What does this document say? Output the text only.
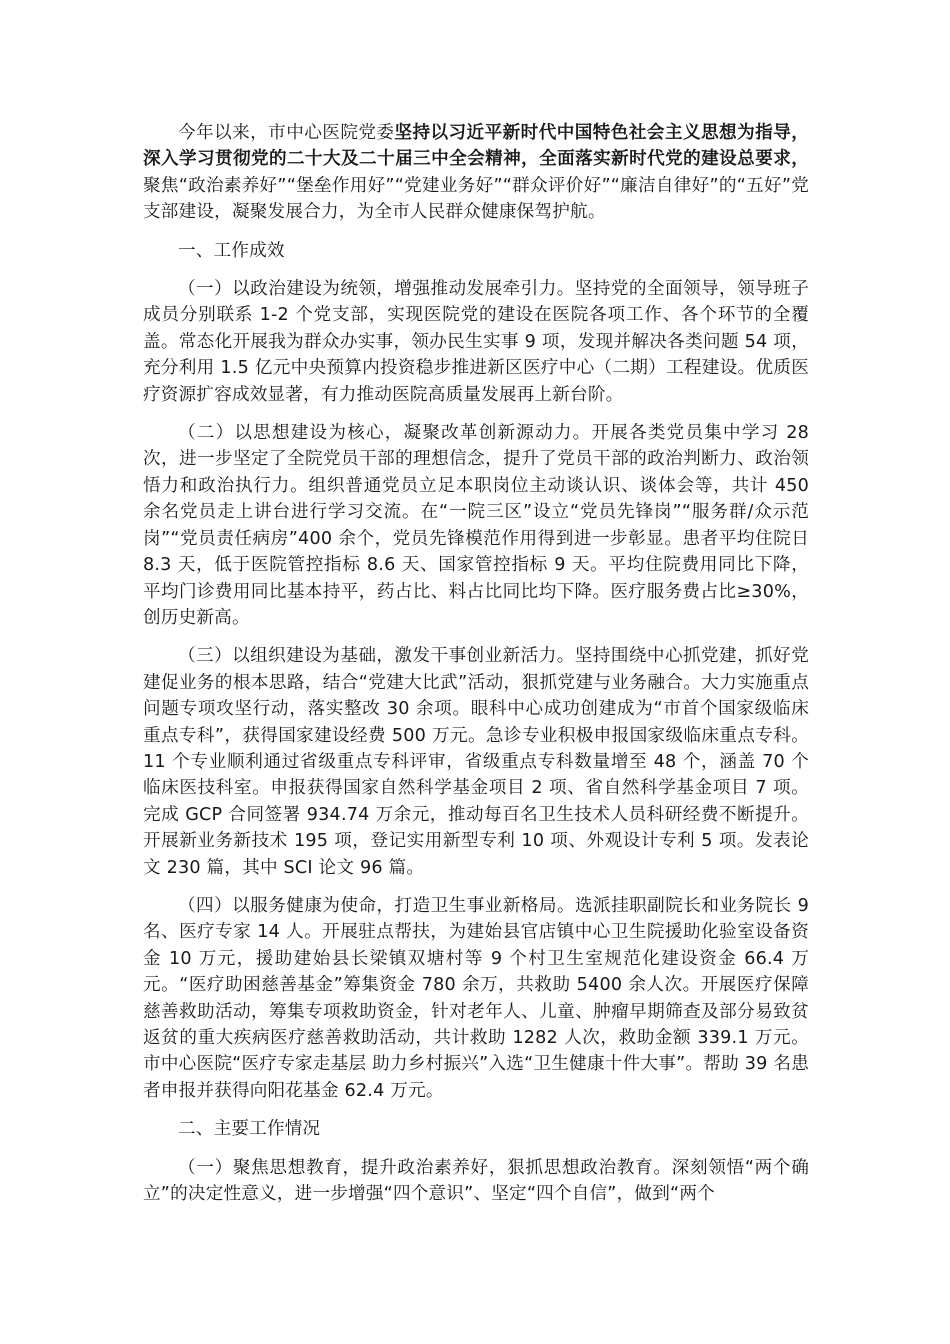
今年以来，市中心医院党委坚持以习近平新时代中国特色社会主义思想为指导，深入学习贯彻党的二十大及二十届三中全会精神，全面落实新时代党的建设总要求，聚焦“政治素养好”“堡垒作用好”“党建业务好”“群众评价好”“廉洁自律好”的“五好”党支部建设，凝聚发展合力，为全市人民群众健康保驾护航。

一、工作成效

（一）以政治建设为统领，增强推动发展牵引力。坚持党的全面领导，领导班子成员分别联系 1-2 个党支部，实现医院党的建设在医院各项工作、各个环节的全覆盖。常态化开展我为群众办实事，领办民生实事 9 项，发现并解决各类问题 54 项，充分利用 1.5 亿元中央预算内投资稳步推进新区医疗中心（二期）工程建设。优质医疗资源扩容成效显著，有力推动医院高质量发展再上新台阶。

（二）以思想建设为核心，凝聚改革创新源动力。开展各类党员集中学习 28 次，进一步坚定了全院党员干部的理想信念，提升了党员干部的政治判断力、政治领悟力和政治执行力。组织普通党员立足本职岗位主动谈认识、谈体会等，共计 450 余名党员走上讲台进行学习交流。在“一院三区”设立“党员先锋岗”“服务群/众示范岗”“党员责任病房”400 余个，党员先锋模范作用得到进一步彰显。患者平均住院日 8.3 天，低于医院管控指标 8.6 天、国家管控指标 9 天。平均住院费用同比下降，平均门诊费用同比基本持平，药占比、料占比同比均下降。医疗服务费占比≥30%，创历史新高。

（三）以组织建设为基础，激发干事创业新活力。坚持围绕中心抓党建，抓好党建促业务的根本思路，结合“党建大比武”活动，狠抓党建与业务融合。大力实施重点问题专项攻坚行动，落实整改 30 余项。眼科中心成功创建成为“市首个国家级临床重点专科”，获得国家建设经费 500 万元。急诊专业积极申报国家级临床重点专科。11 个专业顺利通过省级重点专科评审，省级重点专科数量增至 48 个，涵盖 70 个临床医技科室。申报获得国家自然科学基金项目 2 项、省自然科学基金项目 7 项。完成 GCP 合同签署 934.74 万余元，推动每百名卫生技术人员科研经费不断提升。开展新业务新技术 195 项，登记实用新型专利 10 项、外观设计专利 5 项。发表论文 230 篇，其中 SCI 论文 96 篇。

（四）以服务健康为使命，打造卫生事业新格局。选派挂职副院长和业务院长 9 名、医疗专家 14 人。开展驻点帮扶，为建始县官店镇中心卫生院援助化验室设备资金 10 万元，援助建始县长梁镇双塘村等 9 个村卫生室规范化建设资金 66.4 万元。“医疗助困慈善基金”筹集资金 780 余万，共救助 5400 余人次。开展医疗保障慈善救助活动，筹集专项救助资金，针对老年人、儿童、肿瘤早期筛查及部分易致贫返贫的重大疾病医疗慈善救助活动，共计救助 1282 人次，救助金额 339.1 万元。市中心医院“医疗专家走基层 助力乡村振兴”入选“卫生健康十件大事”。帮助 39 名患者申报并获得向阳花基金 62.4 万元。

二、主要工作情况

（一）聚焦思想教育，提升政治素养好，狠抓思想政治教育。深刻领悟“两个确立”的决定性意义，进一步增强“四个意识”、坚定“四个自信”，做到“两个
